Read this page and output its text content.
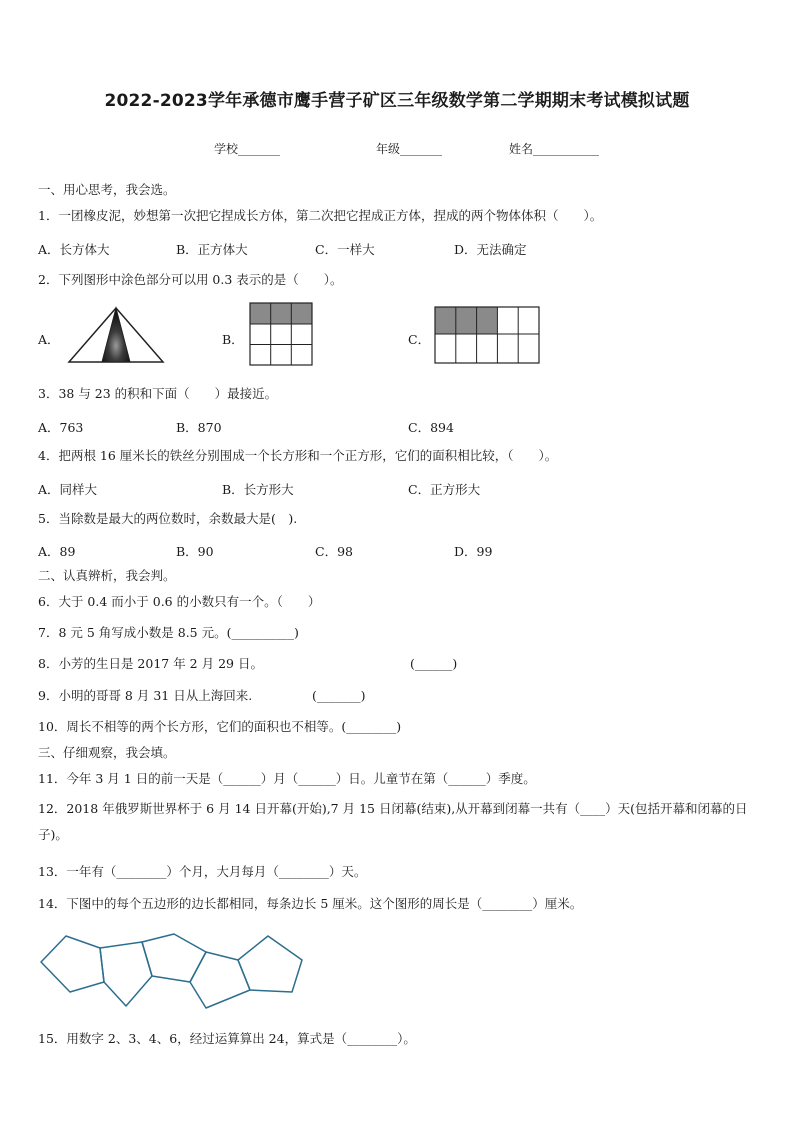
2022-2023学年承德市鹰手营子矿区三年级数学第二学期期末考试模拟试题
学校_______	年级_______	姓名___________
一、用心思考，我会选。
1．一团橡皮泥，妙想第一次把它捏成长方体，第二次把它捏成正方体，捏成的两个物体体积（　　）。
A．长方体大	B．正方体大	C．一样大	D．无法确定
2．下列图形中涂色部分可以用 0.3 表示的是（　　）。
A．	B．	C．
3．38 与 23 的积和下面（　　）最接近。
A．763	B．870	C．894
4．把两根 16 厘米长的铁丝分别围成一个长方形和一个正方形，它们的面积相比较，（　　）。
A．同样大	B．长方形大	C．正方形大
5．当除数是最大的两位数时，余数最大是(　).
A．89	B．90	C．98	D．99
二、认真辨析，我会判。
6．大于 0.4 而小于 0.6 的小数只有一个。（　　）
7．8 元 5 角写成小数是 8.5 元。(__________)
8．小芳的生日是 2017 年 2 月 29 日。	(______)
9．小明的哥哥 8 月 31 日从上海回来.	(_______)
10．周长不相等的两个长方形，它们的面积也不相等。(________)
三、仔细观察，我会填。
11．今年 3 月 1 日的前一天是（______）月（______）日。儿童节在第（______）季度。
12．2018 年俄罗斯世界杯于 6 月 14 日开幕(开始),7 月 15 日闭幕(结束),从开幕到闭幕一共有（____）天(包括开幕和闭幕的日子)。
13．一年有（________）个月，大月每月（________）天。
14．下图中的每个五边形的边长都相同，每条边长 5 厘米。这个图形的周长是（________）厘米。
15．用数字 2、3、4、6，经过运算算出 24，算式是（________）。
